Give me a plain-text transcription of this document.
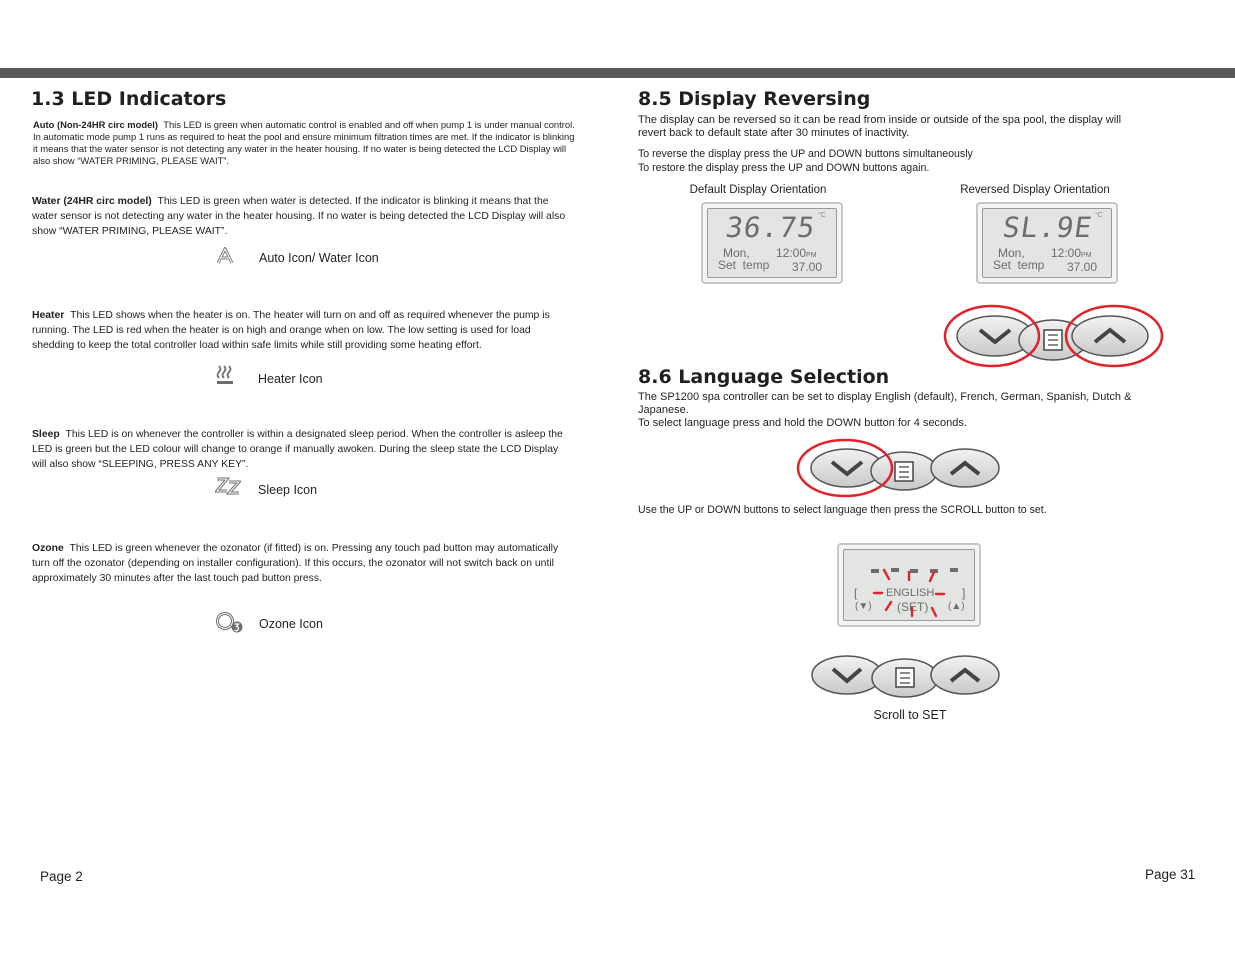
1.3 LED Indicators
Auto (Non-24HR circ model) This LED is green when automatic control is enabled and off when pump 1 is under manual control.
In automatic mode pump 1 runs as required to heat the pool and ensure minimum filtration times are met. If the indicator is blinking
it means that the water sensor is not detecting any water in the heater housing. If no water is being detected the LCD Display will
also show “WATER PRIMING, PLEASE WAIT”.
Water (24HR circ model) This LED is green when water is detected. If the indicator is blinking it means that the
water sensor is not detecting any water in the heater housing. If no water is being detected the LCD Display will also
show “WATER PRIMING, PLEASE WAIT”.
Auto Icon/ Water Icon
Heater This LED shows when the heater is on. The heater will turn on and off as required whenever the pump is
running. The LED is red when the heater is on high and orange when on low. The low setting is used for load
shedding to keep the total controller load within safe limits while still providing some heating effort.
Heater Icon
Sleep This LED is on whenever the controller is within a designated sleep period. When the controller is asleep the
LED is green but the LED colour will change to orange if manually awoken. During the sleep state the LCD Display
will also show “SLEEPING, PRESS ANY KEY”.
Sleep Icon
Ozone This LED is green whenever the ozonator (if fitted) is on. Pressing any touch pad button may automatically
turn off the ozonator (depending on installer configuration). If this occurs, the ozonator will not switch back on until
approximately 30 minutes after the last touch pad button press.
Ozone Icon
Page 2
8.5 Display Reversing
The display can be reversed so it can be read from inside or outside of the spa pool, the display will
revert back to default state after 30 minutes of inactivity.
To reverse the display press the UP and DOWN buttons simultaneously
To restore the display press the UP and DOWN buttons again.
Default Display Orientation	Reversed Display Orientation
36.75 °C
Mon, 12:00PM
Set  temp 37.00
SL.9E °C
Mon, 12:00PM
Set  temp 37.00
8.6 Language Selection
The SP1200 spa controller can be set to display English (default), French, German, Spanish, Dutch &
Japanese.
To select language press and hold the DOWN button for 4 seconds.
Use the UP or DOWN buttons to select language then press the SCROLL button to set.
[	ENGLISH ]
(▼) (SET) (▲)
Scroll to SET
Page 31
